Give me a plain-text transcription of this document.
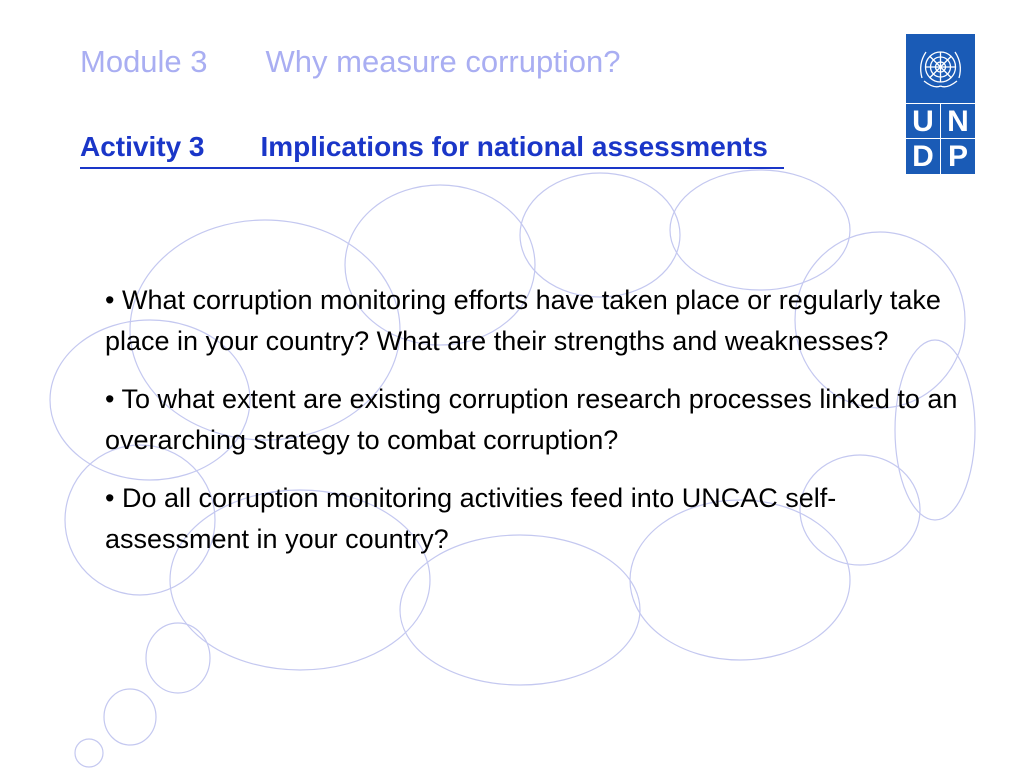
Module 3 Why measure corruption?
Activity 3 Implications for national assessments

• What corruption monitoring efforts have taken place or regularly take place in your country? What are their strengths and weaknesses?

• To what extent are existing corruption research processes linked to an overarching strategy to combat corruption?

• Do all corruption monitoring activities feed into UNCAC self-assessment in your country?

U N
D P
